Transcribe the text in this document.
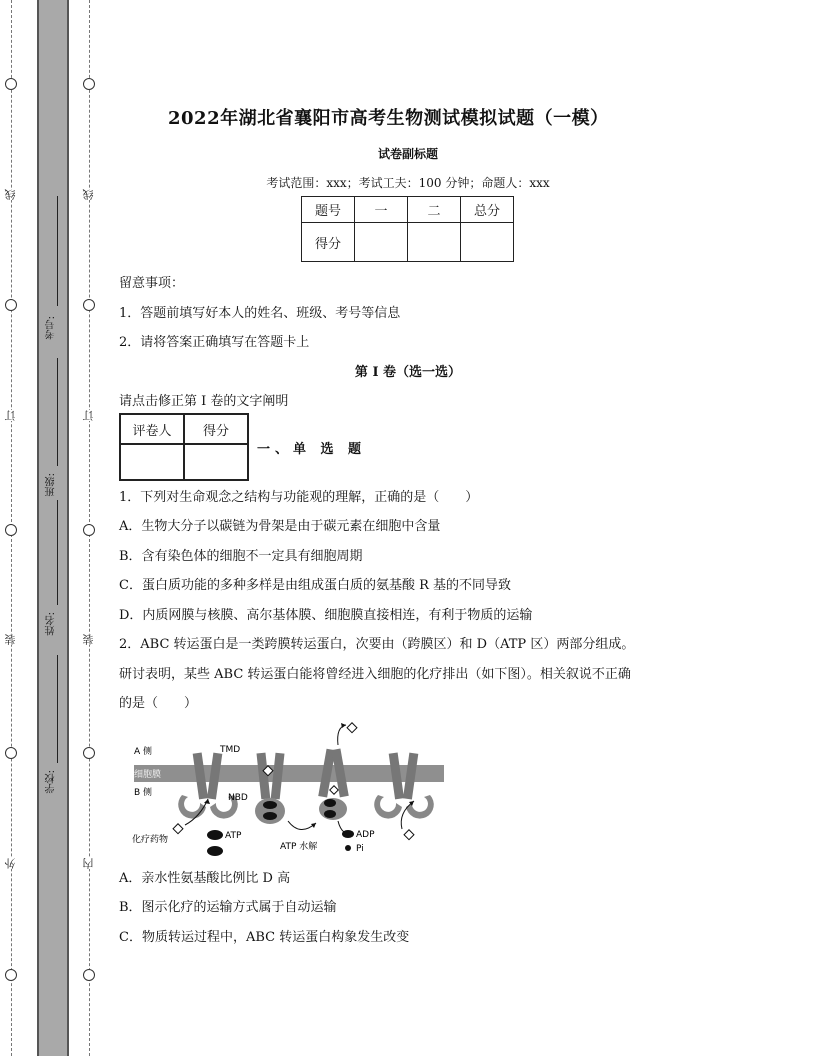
线
订
装
外
线
订
装
内
考号:
班级:
姓名:
学校:
2022年湖北省襄阳市高考生物测试模拟试题（一模）
试卷副标题
考试范围：xxx；考试工夫：100 分钟；命题人：xxx
题号	一	二	总分
得分			
留意事项：
1．答题前填写好本人的姓名、班级、考号等信息
2．请将答案正确填写在答题卡上
第 I 卷（选一选）
请点击修正第 I 卷的文字阐明
评卷人	得分

一、单 选 题
1．下列对生命观念之结构与功能观的理解，正确的是（　　）
A．生物大分子以碳链为骨架是由于碳元素在细胞中含量
B．含有染色体的细胞不一定具有细胞周期
C．蛋白质功能的多种多样是由组成蛋白质的氨基酸 R 基的不同导致
D．内质网膜与核膜、高尔基体膜、细胞膜直接相连，有利于物质的运输
2．ABC 转运蛋白是一类跨膜转运蛋白，次要由（跨膜区）和 D（ATP 区）两部分组成。
研讨表明，某些 ABC 转运蛋白能将曾经进入细胞的化疗排出（如下图）。相关叙说不正确
的是（　　）
A 侧
细胞膜
B 侧
TMD
NBD
化疗药物	ATP
ATP 水解
ADP
Pi
A．亲水性氨基酸比例比 D 高
B．图示化疗的运输方式属于自动运输
C．物质转运过程中，ABC 转运蛋白构象发生改变
